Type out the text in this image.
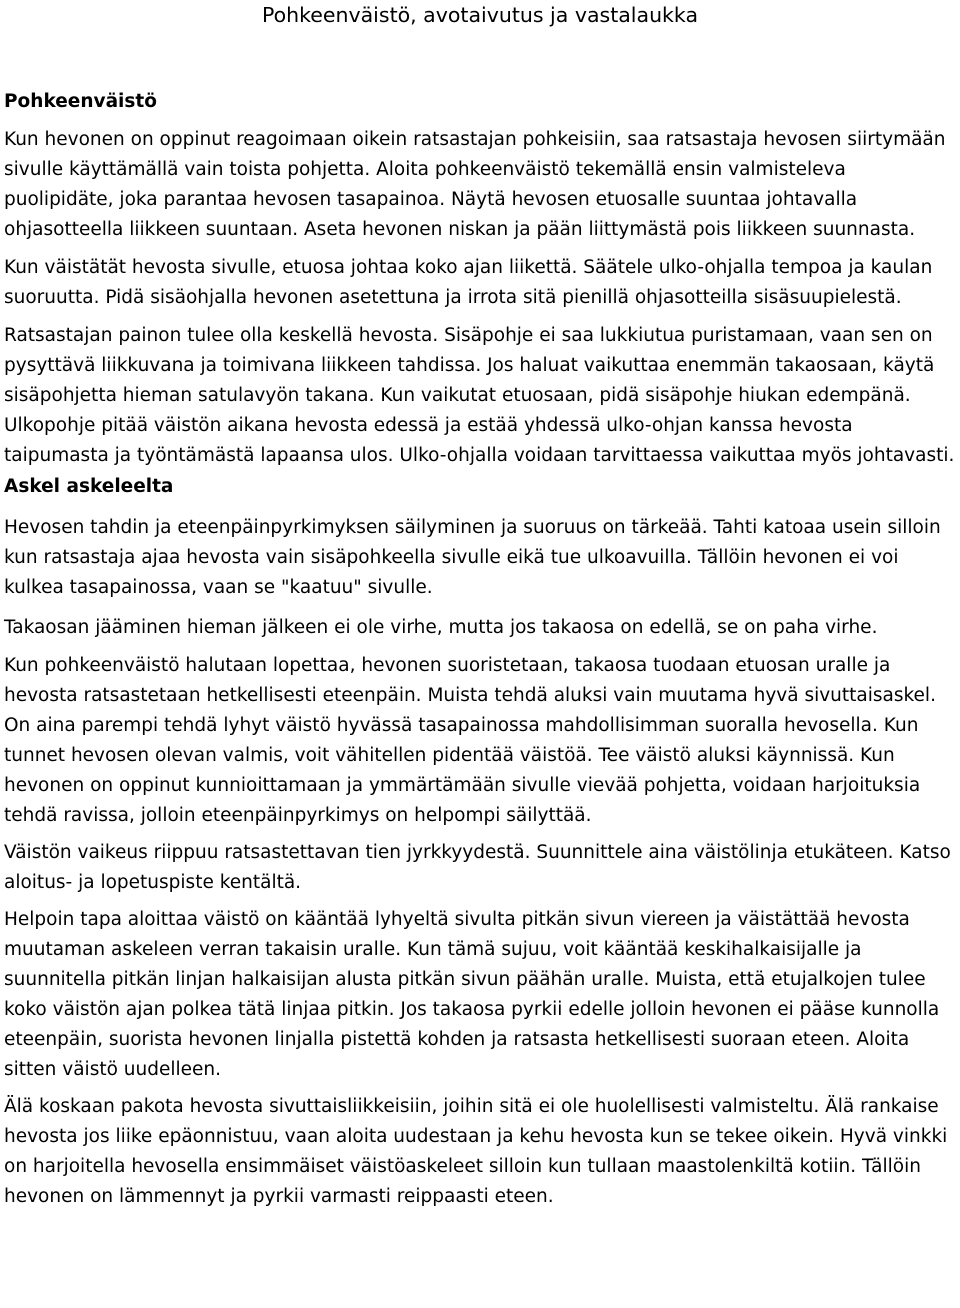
Pohkeenväistö, avotaivutus ja vastalaukka
Pohkeenväistö

Kun hevonen on oppinut reagoimaan oikein ratsastajan pohkeisiin, saa ratsastaja hevosen siirtymään sivulle käyttämällä vain toista pohjetta. Aloita pohkeenväistö tekemällä ensin valmisteleva puolipidäte, joka parantaa hevosen tasapainoa. Näytä hevosen etuosalle suuntaa johtavalla ohjasotteella liikkeen suuntaan. Aseta hevonen niskan ja pään liittymästä pois liikkeen suunnasta.

Kun väistätät hevosta sivulle, etuosa johtaa koko ajan liikettä. Säätele ulko-ohjalla tempoa ja kaulan suoruutta. Pidä sisäohjalla hevonen asetettuna ja irrota sitä pienillä ohjasotteilla sisäsuupielestä.

Ratsastajan painon tulee olla keskellä hevosta. Sisäpohje ei saa lukkiutua puristamaan, vaan sen on pysyttävä liikkuvana ja toimivana liikkeen tahdissa. Jos haluat vaikuttaa enemmän takaosaan, käytä sisäpohjetta hieman satulavyön takana. Kun vaikutat etuosaan, pidä sisäpohje hiukan edempänä. Ulkopohje pitää väistön aikana hevosta edessä ja estää yhdessä ulko-ohjan kanssa hevosta taipumasta ja työntämästä lapaansa ulos. Ulko-ohjalla voidaan tarvittaessa vaikuttaa myös johtavasti.

Askel askeleelta

Hevosen tahdin ja eteenpäinpyrkimyksen säilyminen ja suoruus on tärkeää. Tahti katoaa usein silloin kun ratsastaja ajaa hevosta vain sisäpohkeella sivulle eikä tue ulkoavuilla. Tällöin hevonen ei voi kulkea tasapainossa, vaan se "kaatuu" sivulle.

Takaosan jääminen hieman jälkeen ei ole virhe, mutta jos takaosa on edellä, se on paha virhe.

Kun pohkeenväistö halutaan lopettaa, hevonen suoristetaan, takaosa tuodaan etuosan uralle ja hevosta ratsastetaan hetkellisesti eteenpäin. Muista tehdä aluksi vain muutama hyvä sivuttaisaskel. On aina parempi tehdä lyhyt väistö hyvässä tasapainossa mahdollisimman suoralla hevosella. Kun tunnet hevosen olevan valmis, voit vähitellen pidentää väistöä. Tee väistö aluksi käynnissä. Kun hevonen on oppinut kunnioittamaan ja ymmärtämään sivulle vievää pohjetta, voidaan harjoituksia tehdä ravissa, jolloin eteenpäinpyrkimys on helpompi säilyttää.

Väistön vaikeus riippuu ratsastettavan tien jyrkkyydestä. Suunnittele aina väistölinja etukäteen. Katso aloitus- ja lopetuspiste kentältä.

Helpoin tapa aloittaa väistö on kääntää lyhyeltä sivulta pitkän sivun viereen ja väistättää hevosta muutaman askeleen verran takaisin uralle. Kun tämä sujuu, voit kääntää keskihalkaisijalle ja suunnitella pitkän linjan halkaisijan alusta pitkän sivun päähän uralle. Muista, että etujalkojen tulee koko väistön ajan polkea tätä linjaa pitkin. Jos takaosa pyrkii edelle jolloin hevonen ei pääse kunnolla eteenpäin, suorista hevonen linjalla pistettä kohden ja ratsasta hetkellisesti suoraan eteen. Aloita sitten väistö uudelleen.

Älä koskaan pakota hevosta sivuttaisliikkeisiin, joihin sitä ei ole huolellisesti valmisteltu. Älä rankaise hevosta jos liike epäonnistuu, vaan aloita uudestaan ja kehu hevosta kun se tekee oikein. Hyvä vinkki on harjoitella hevosella ensimmäiset väistöaskeleet silloin kun tullaan maastolenkiltä kotiin. Tällöin hevonen on lämmennyt ja pyrkii varmasti reippaasti eteen.
